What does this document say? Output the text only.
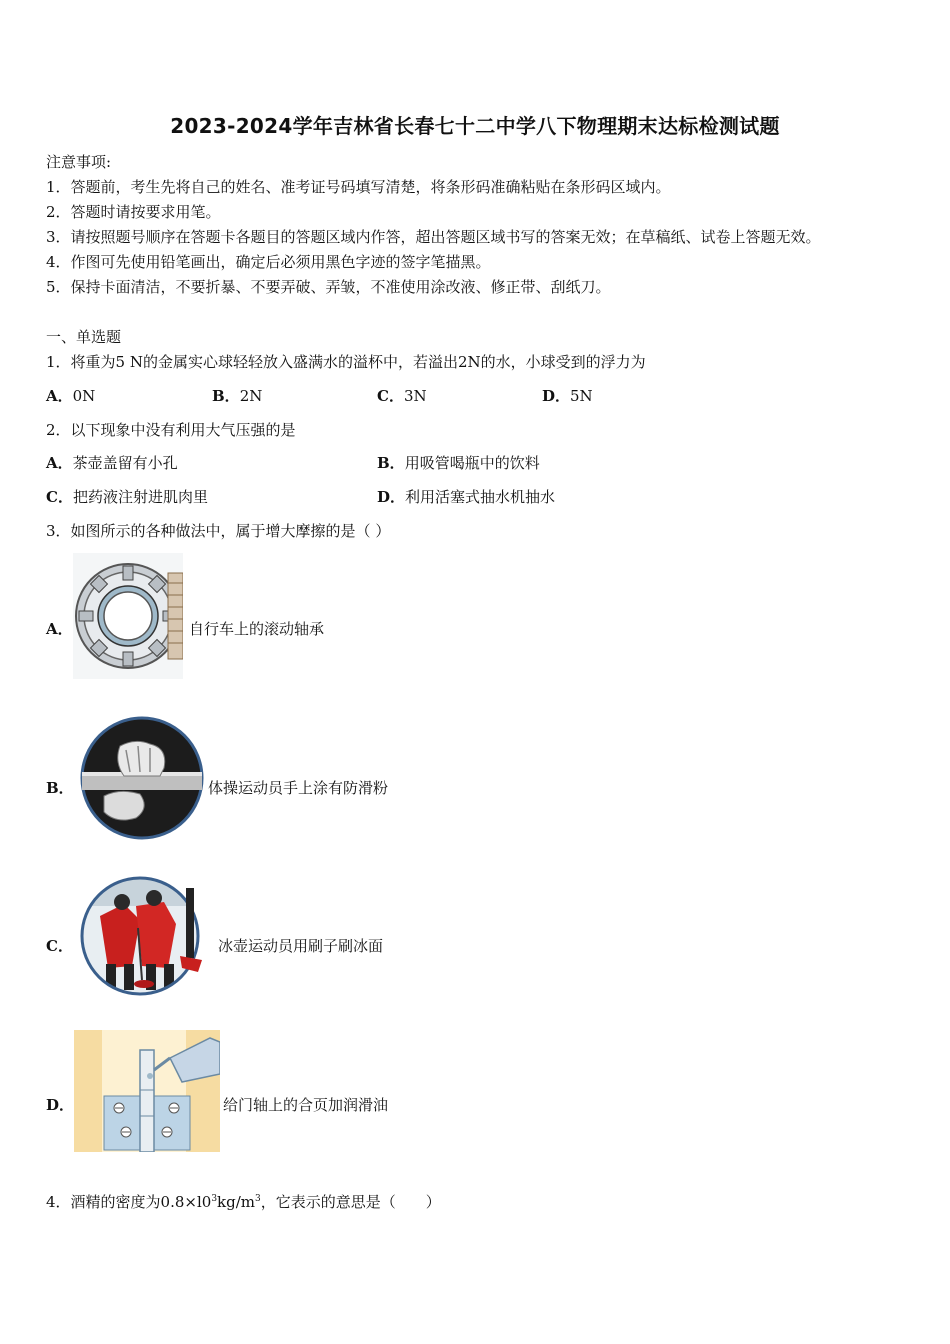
2023-2024学年吉林省长春七十二中学八下物理期末达标检测试题
注意事项:
1．答题前，考生先将自己的姓名、准考证号码填写清楚，将条形码准确粘贴在条形码区域内。
2．答题时请按要求用笔。
3．请按照题号顺序在答题卡各题目的答题区域内作答，超出答题区域书写的答案无效；在草稿纸、试卷上答题无效。
4．作图可先使用铅笔画出，确定后必须用黑色字迹的签字笔描黑。
5．保持卡面清洁，不要折暴、不要弄破、弄皱，不准使用涂改液、修正带、刮纸刀。
一、单选题
1．将重为5 N的金属实心球轻轻放入盛满水的溢杯中，若溢出2N的水，小球受到的浮力为
A．0N	B．2N	C．3N	D．5N
2．以下现象中没有利用大气压强的是
A．茶壶盖留有小孔	B．用吸管喝瓶中的饮料
C．把药液注射进肌肉里	D．利用活塞式抽水机抽水
3．如图所示的各种做法中，属于增大摩擦的是（ ）
A．	自行车上的滚动轴承
B．	体操运动员手上涂有防滑粉
C．	冰壶运动员用刷子刷冰面
D．	给门轴上的合页加润滑油
4．酒精的密度为$0.8\times l0^3kg/m^3$，它表示的意思是（　　）
